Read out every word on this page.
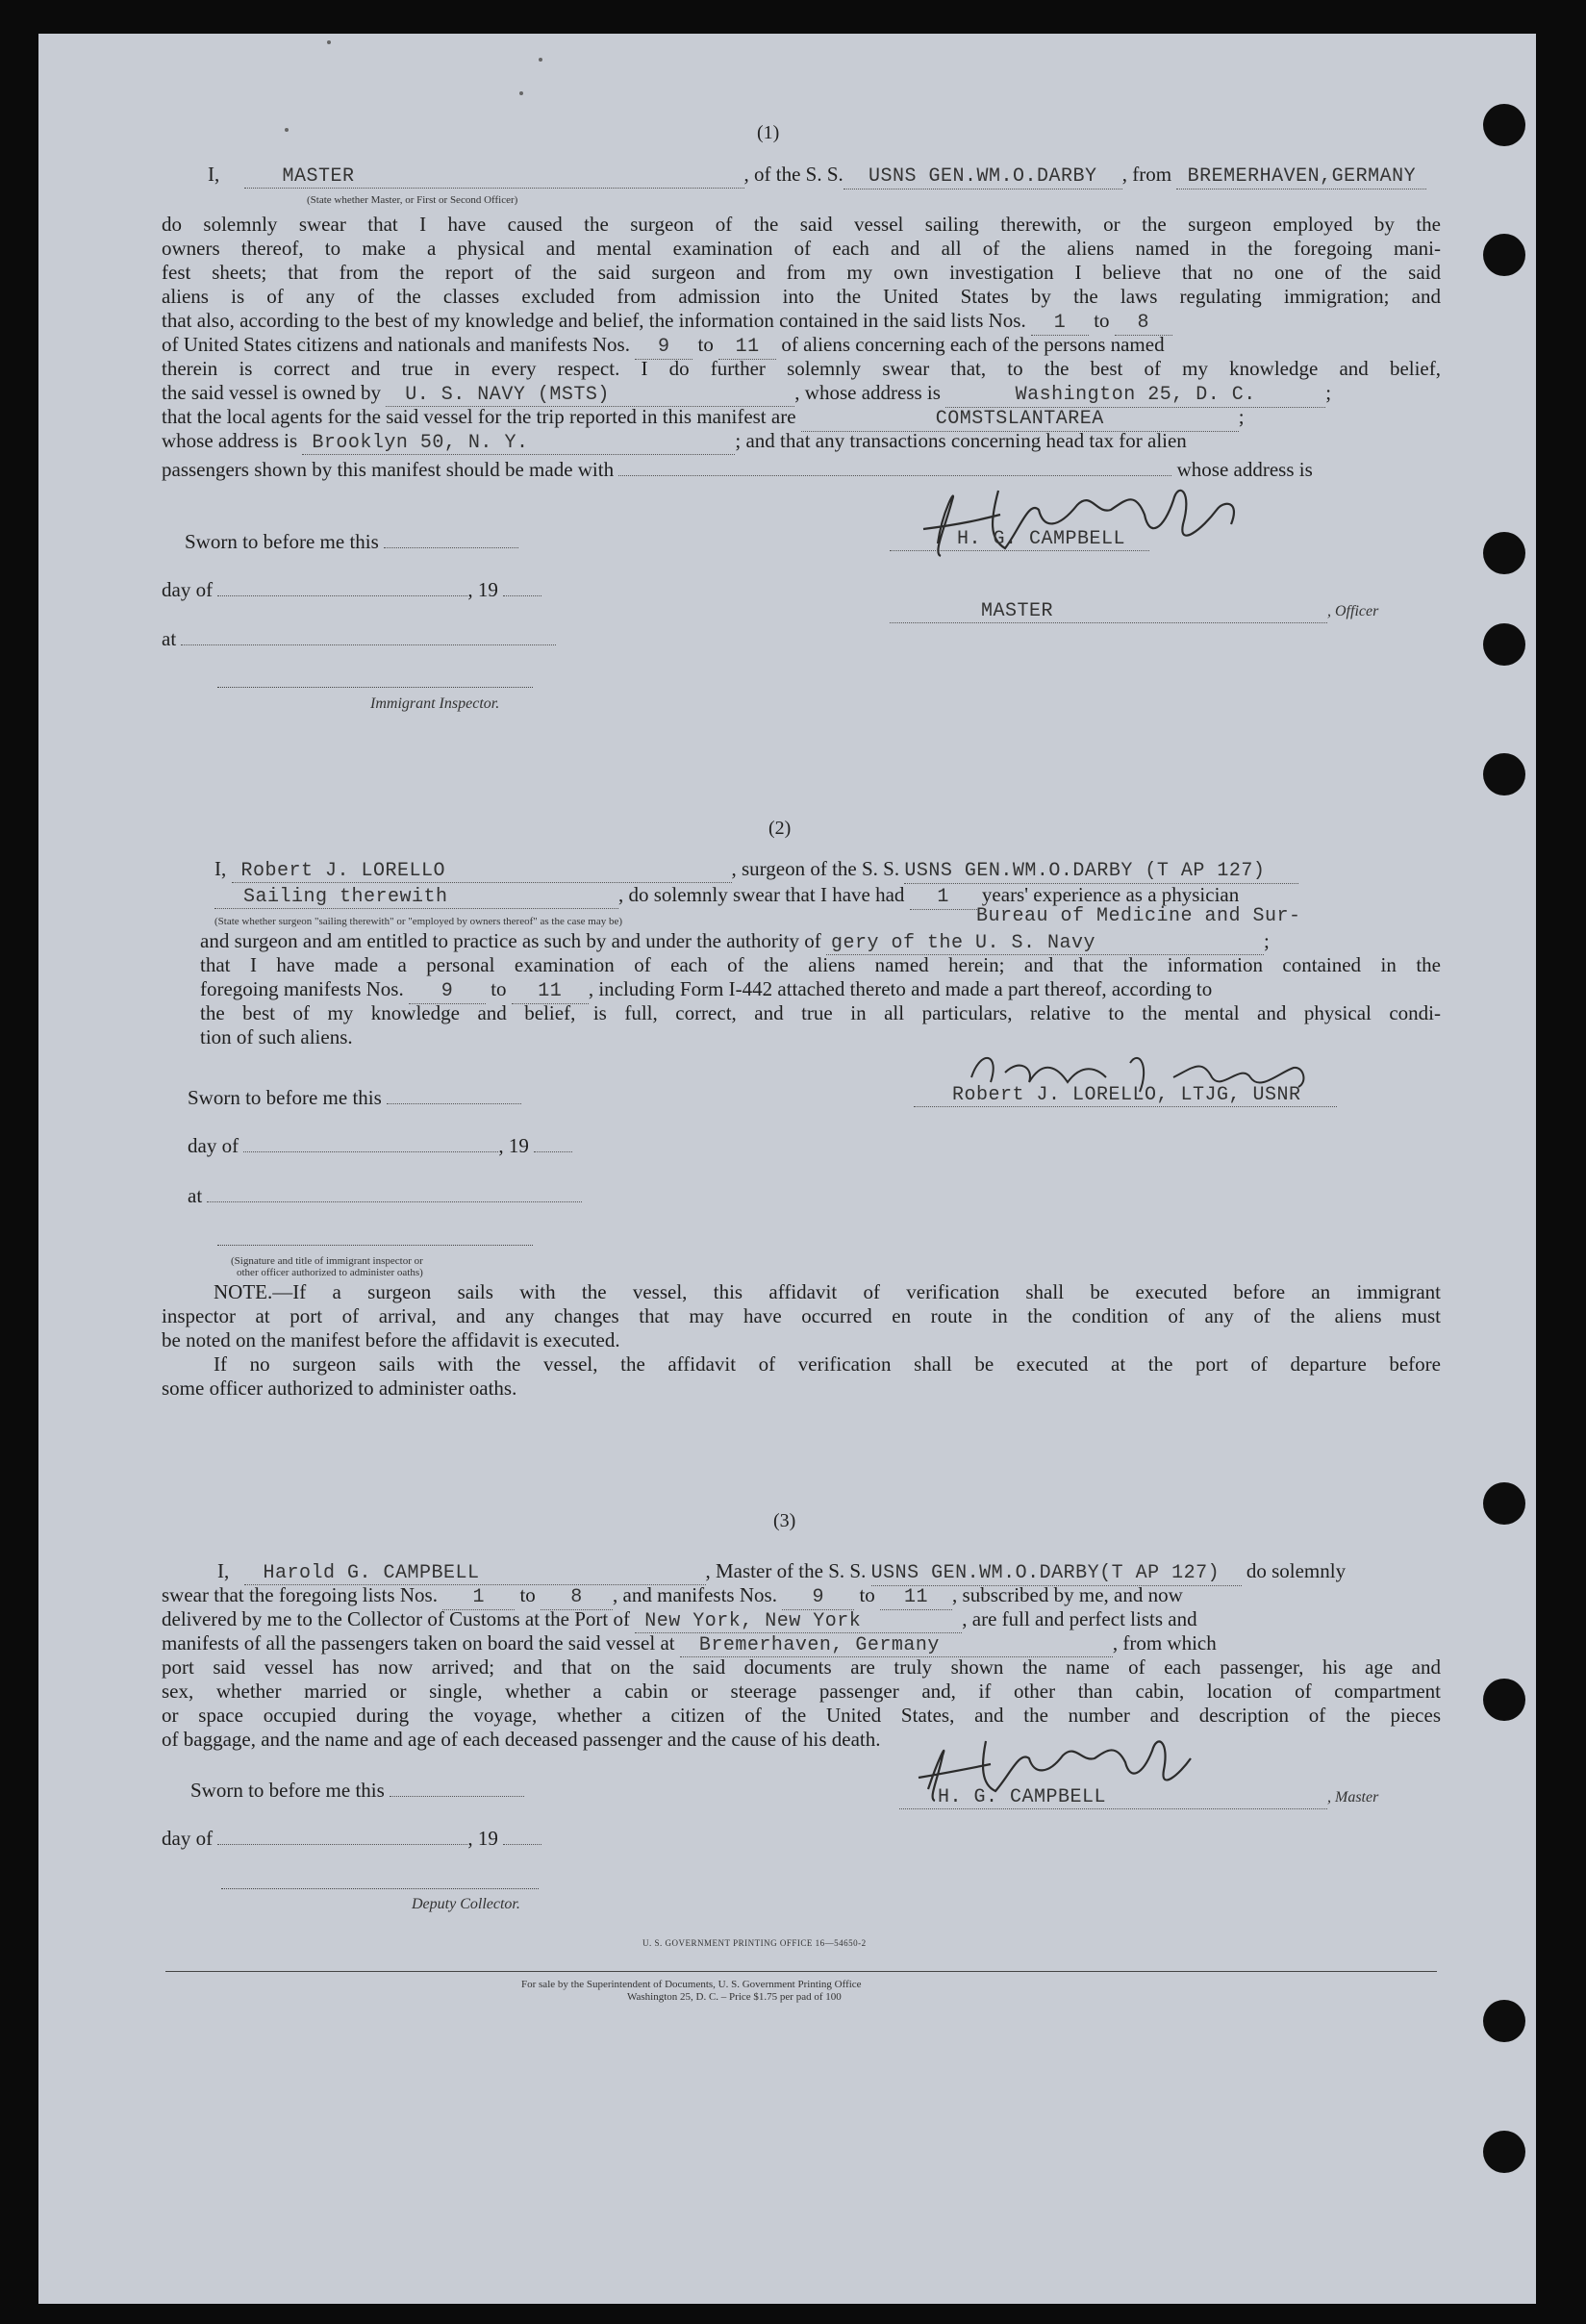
(1)
I,	MASTER	, of the S. S. USNS GEN.WM.O.DARBY , from BREMERHAVEN,GERMANY
(State whether Master, or First or Second Officer)
do solemnly swear that I have caused the surgeon of the said vessel sailing therewith, or the surgeon employed by the
owners thereof, to make a physical and mental examination of each and all of the aliens named in the foregoing mani-
fest sheets; that from the report of the said surgeon and from my own investigation I believe that no one of the said
aliens is of any of the classes excluded from admission into the United States by the laws regulating immigration; and
that also, according to the best of my knowledge and belief, the information contained in the said lists Nos. 1 to 8
of United States citizens and nationals and manifests Nos. 9 to 11 of aliens concerning each of the persons named
therein is correct and true in every respect. I do further solemnly swear that, to the best of my knowledge and belief,
the said vessel is owned by U. S. NAVY (MSTS)	, whose address is	Washington 25, D. C.	;
that the local agents for the said vessel for the trip reported in this manifest are	COMSTSLANTAREA	;
whose address is Brooklyn 50, N. Y.	; and that any transactions concerning head tax for alien
passengers shown by this manifest should be made with	whose address is
Sworn to before me this	H. G. CAMPBELL
day of	, 19
MASTER	, Officer
at
Immigrant Inspector.
(2)
I, Robert J. LORELLO	, surgeon of the S. S. USNS GEN.WM.O.DARBY (T AP 127)
Sailing therewith	, do solemnly swear that I have had 1 years' experience as a physician
(State whether surgeon "sailing therewith" or "employed by owners thereof" as the case may be)	Bureau of Medicine and Sur-
and surgeon and am entitled to practice as such by and under the authority of gery of the U. S. Navy	;
that I have made a personal examination of each of the aliens named herein; and that the information contained in the
foregoing manifests Nos. 9 to 11 , including Form I-442 attached thereto and made a part thereof, according to
the best of my knowledge and belief, is full, correct, and true in all particulars, relative to the mental and physical condi-
tion of such aliens.
Sworn to before me this	Robert J. LORELLO, LTJG, USNR
day of	, 19
at
(Signature and title of immigrant inspector or
other officer authorized to administer oaths)
NOTE.—If a surgeon sails with the vessel, this affidavit of verification shall be executed before an immigrant
inspector at port of arrival, and any changes that may have occurred en route in the condition of any of the aliens must
be noted on the manifest before the affidavit is executed.
If no surgeon sails with the vessel, the affidavit of verification shall be executed at the port of departure before
some officer authorized to administer oaths.
(3)
I, Harold G. CAMPBELL	, Master of the S. S. USNS GEN.WM.O.DARBY(T AP 127) do solemnly
swear that the foregoing lists Nos. 1 to 8 , and manifests Nos. 9 to 11 , subscribed by me, and now
delivered by me to the Collector of Customs at the Port of New York, New York	, are full and perfect lists and
manifests of all the passengers taken on board the said vessel at Bremerhaven, Germany	, from which
port said vessel has now arrived; and that on the said documents are truly shown the name of each passenger, his age and
sex, whether married or single, whether a cabin or steerage passenger and, if other than cabin, location of compartment
or space occupied during the voyage, whether a citizen of the United States, and the number and description of the pieces
of baggage, and the name and age of each deceased passenger and the cause of his death.
Sworn to before me this	H. G. CAMPBELL	, Master
day of	, 19
Deputy Collector.
U. S. GOVERNMENT PRINTING OFFICE 16—54650-2
For sale by the Superintendent of Documents, U. S. Government Printing Office
Washington 25, D. C. – Price $1.75 per pad of 100
